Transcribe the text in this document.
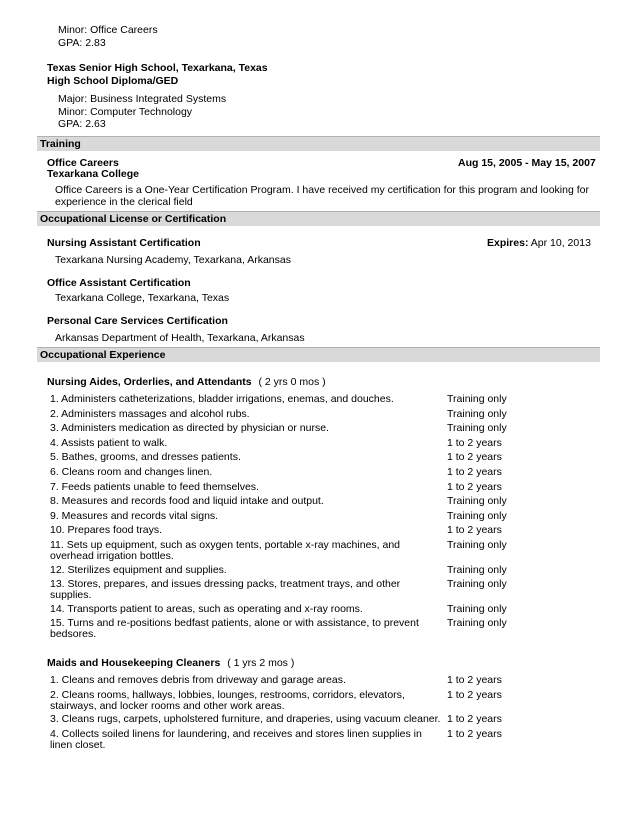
Minor: Office Careers
GPA: 2.83
Texas Senior High School, Texarkana, Texas
High School Diploma/GED
Major: Business Integrated Systems
Minor: Computer Technology
GPA: 2.63
Training
Office Careers	Aug 15, 2005 - May 15, 2007
Texarkana College
Office Careers is a One-Year Certification Program. I have received my certification for this program and looking for
experience in the clerical field
Occupational License or Certification
Nursing Assistant Certification	Expires: Apr 10, 2013
Texarkana Nursing Academy, Texarkana, Arkansas
Office Assistant Certification
Texarkana College, Texarkana, Texas
Personal Care Services Certification
Arkansas Department of Health, Texarkana, Arkansas
Occupational Experience
Nursing Aides, Orderlies, and Attendants ( 2 yrs 0 mos )
1. Administers catheterizations, bladder irrigations, enemas, and douches.	Training only
2. Administers massages and alcohol rubs.	Training only
3. Administers medication as directed by physician or nurse.	Training only
4. Assists patient to walk.	1 to 2 years
5. Bathes, grooms, and dresses patients.	1 to 2 years
6. Cleans room and changes linen.	1 to 2 years
7. Feeds patients unable to feed themselves.	1 to 2 years
8. Measures and records food and liquid intake and output.	Training only
9. Measures and records vital signs.	Training only
10. Prepares food trays.	1 to 2 years
11. Sets up equipment, such as oxygen tents, portable x-ray machines, and	Training only
overhead irrigation bottles.
12. Sterilizes equipment and supplies.	Training only
13. Stores, prepares, and issues dressing packs, treatment trays, and other	Training only
supplies.
14. Transports patient to areas, such as operating and x-ray rooms.	Training only
15. Turns and re-positions bedfast patients, alone or with assistance, to prevent	Training only
bedsores.
Maids and Housekeeping Cleaners ( 1 yrs 2 mos )
1. Cleans and removes debris from driveway and garage areas.	1 to 2 years
2. Cleans rooms, hallways, lobbies, lounges, restrooms, corridors, elevators,	1 to 2 years
stairways, and locker rooms and other work areas.
3. Cleans rugs, carpets, upholstered furniture, and draperies, using vacuum cleaner. 1 to 2 years
4. Collects soiled linens for laundering, and receives and stores linen supplies in 1 to 2 years
linen closet.
